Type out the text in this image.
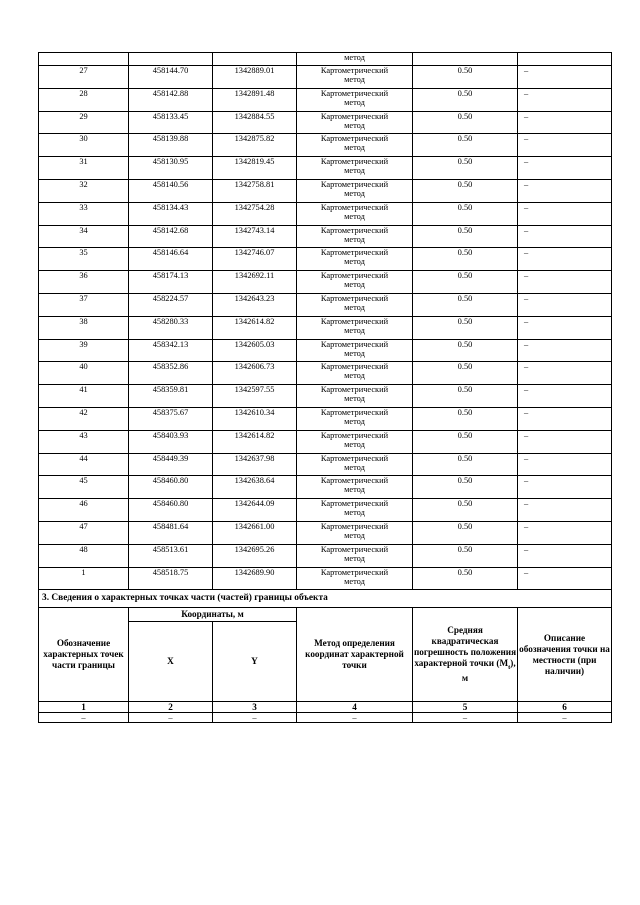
			метод		
27	458144.70	1342889.01	Картометрический
метод	0.50	–
28	458142.88	1342891.48	Картометрический
метод	0.50	–
29	458133.45	1342884.55	Картометрический
метод	0.50	–
30	458139.88	1342875.82	Картометрический
метод	0.50	–
31	458130.95	1342819.45	Картометрический
метод	0.50	–
32	458140.56	1342758.81	Картометрический
метод	0.50	–
33	458134.43	1342754.28	Картометрический
метод	0.50	–
34	458142.68	1342743.14	Картометрический
метод	0.50	–
35	458146.64	1342746.07	Картометрический
метод	0.50	–
36	458174.13	1342692.11	Картометрический
метод	0.50	–
37	458224.57	1342643.23	Картометрический
метод	0.50	–
38	458280.33	1342614.82	Картометрический
метод	0.50	–
39	458342.13	1342605.03	Картометрический
метод	0.50	–
40	458352.86	1342606.73	Картометрический
метод	0.50	–
41	458359.81	1342597.55	Картометрический
метод	0.50	–
42	458375.67	1342610.34	Картометрический
метод	0.50	–
43	458403.93	1342614.82	Картометрический
метод	0.50	–
44	458449.39	1342637.98	Картометрический
метод	0.50	–
45	458460.80	1342638.64	Картометрический
метод	0.50	–
46	458460.80	1342644.09	Картометрический
метод	0.50	–
47	458481.64	1342661.00	Картометрический
метод	0.50	–
48	458513.61	1342695.26	Картометрический
метод	0.50	–
1	458518.75	1342689.90	Картометрический
метод	0.50	–
3. Сведения о характерных точках части (частей) границы объекта					
Обозначение характерных точек части границы	Координаты, м		Метод определения координат характерной точки	Средняя квадратическая погрешность положения характерной точки $(M_t)$, м	Описание обозначения точки на местности (при наличии)
	X	Y			
1	2	3	4	5	6
–	–	–	–	–	–
